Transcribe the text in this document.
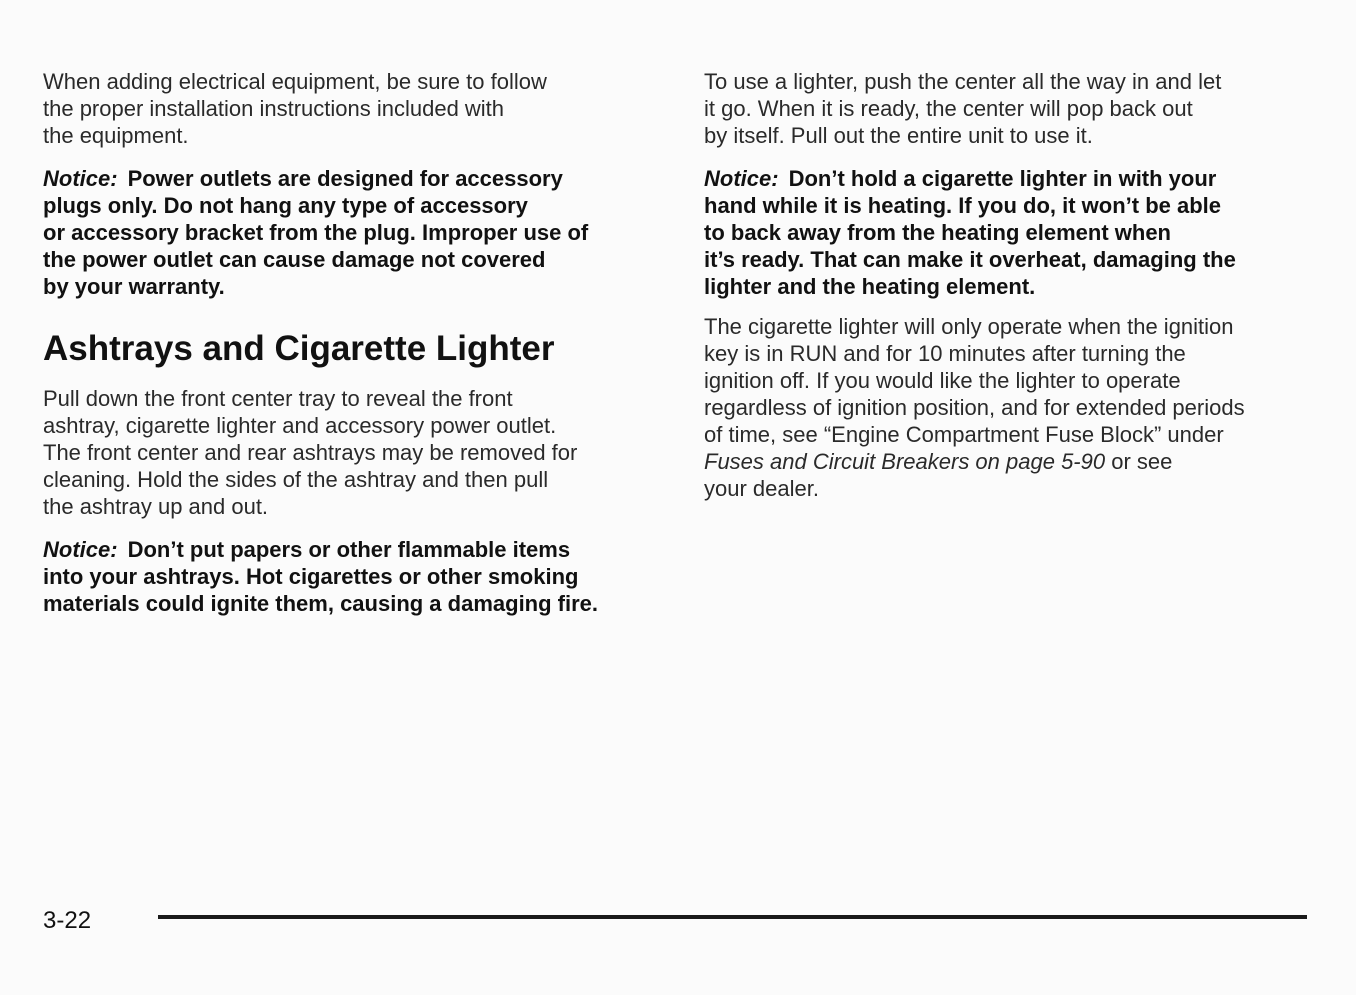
When adding electrical equipment, be sure to follow
the proper installation instructions included with
the equipment.

Notice: Power outlets are designed for accessory
plugs only. Do not hang any type of accessory
or accessory bracket from the plug. Improper use of
the power outlet can cause damage not covered
by your warranty.

Ashtrays and Cigarette Lighter

Pull down the front center tray to reveal the front
ashtray, cigarette lighter and accessory power outlet.
The front center and rear ashtrays may be removed for
cleaning. Hold the sides of the ashtray and then pull
the ashtray up and out.

Notice: Don’t put papers or other flammable items
into your ashtrays. Hot cigarettes or other smoking
materials could ignite them, causing a damaging fire.

To use a lighter, push the center all the way in and let
it go. When it is ready, the center will pop back out
by itself. Pull out the entire unit to use it.

Notice: Don’t hold a cigarette lighter in with your
hand while it is heating. If you do, it won’t be able
to back away from the heating element when
it’s ready. That can make it overheat, damaging the
lighter and the heating element.

The cigarette lighter will only operate when the ignition
key is in RUN and for 10 minutes after turning the
ignition off. If you would like the lighter to operate
regardless of ignition position, and for extended periods
of time, see “Engine Compartment Fuse Block” under
Fuses and Circuit Breakers on page 5-90 or see
your dealer.

3-22
